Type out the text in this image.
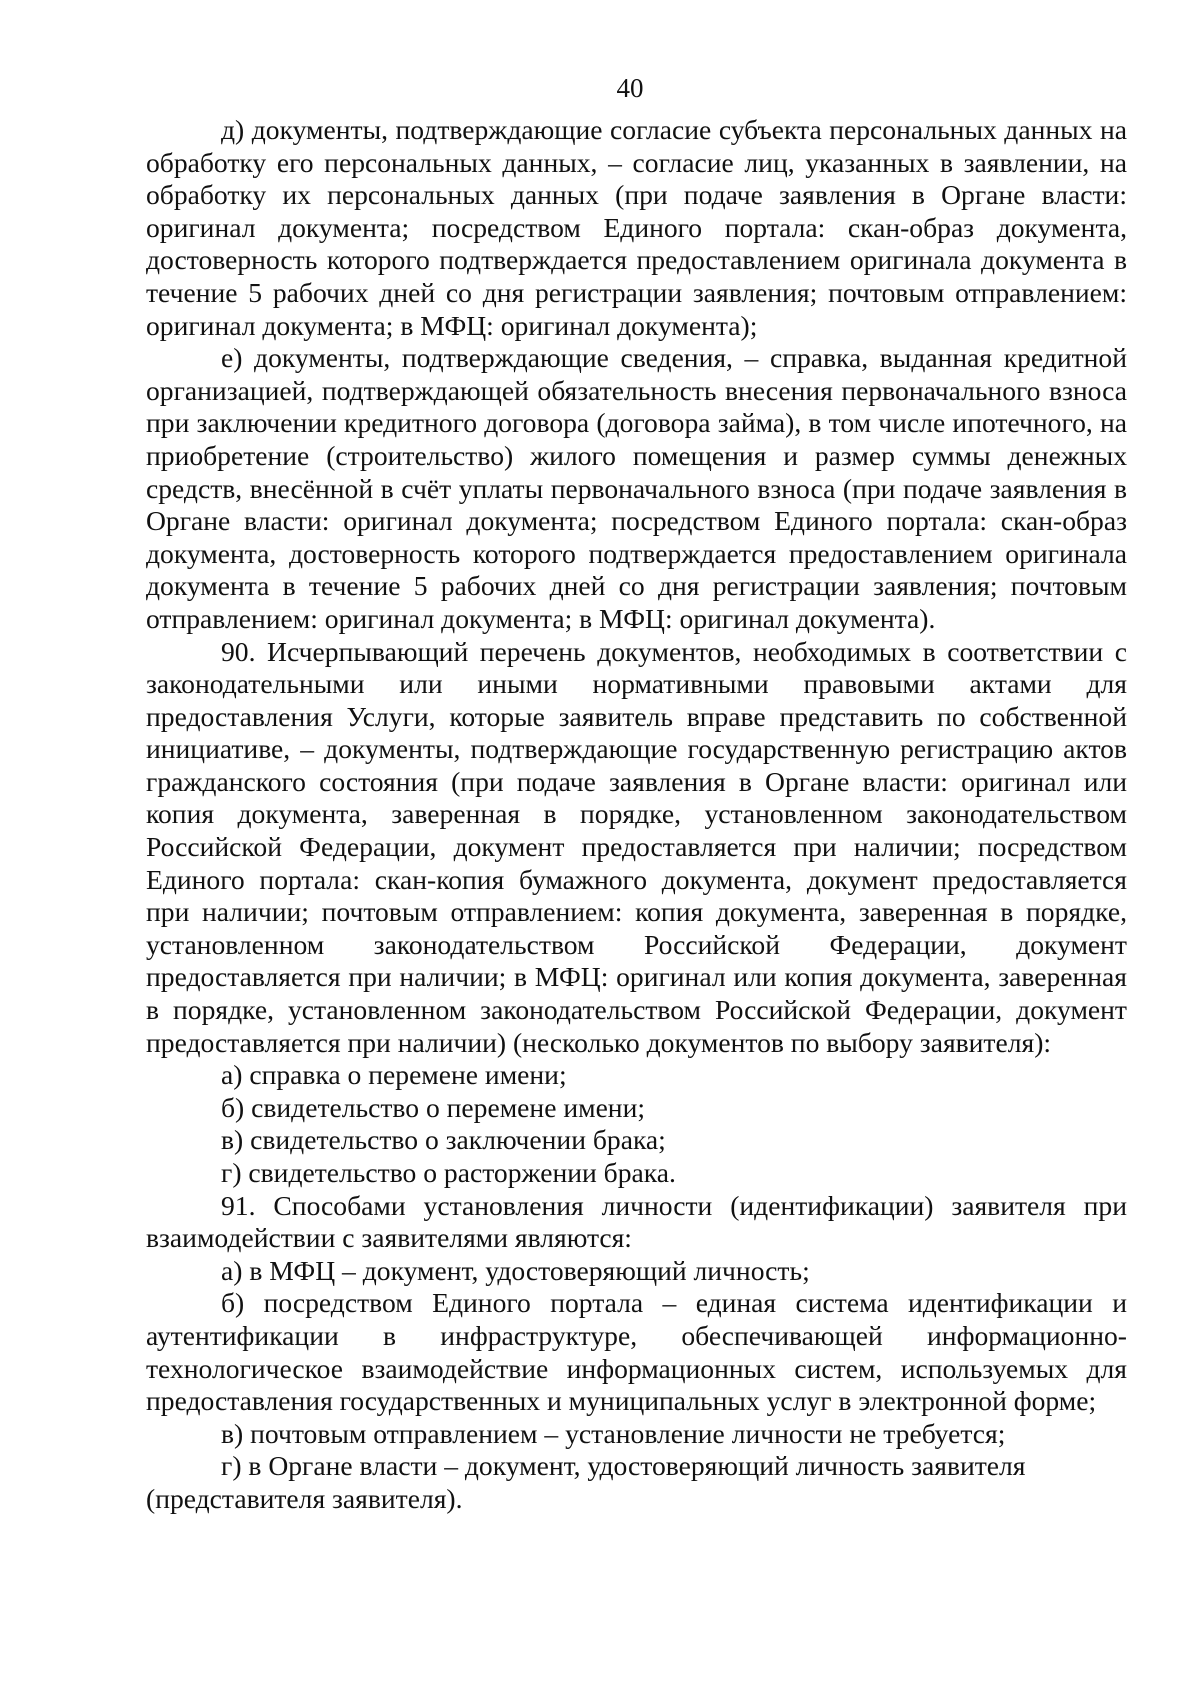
40

д) документы, подтверждающие согласие субъекта персональных данных на обработку его персональных данных, – согласие лиц, указанных в заявлении, на обработку их персональных данных (при подаче заявления в Органе власти: оригинал документа; посредством Единого портала: скан-образ документа, достоверность которого подтверждается предоставлением оригинала документа в течение 5 рабочих дней со дня регистрации заявления; почтовым отправлением: оригинал документа; в МФЦ: оригинал документа);

е) документы, подтверждающие сведения, – справка, выданная кредитной организацией, подтверждающей обязательность внесения первоначального взноса при заключении кредитного договора (договора займа), в том числе ипотечного, на приобретение (строительство) жилого помещения и размер суммы денежных средств, внесённой в счёт уплаты первоначального взноса (при подаче заявления в Органе власти: оригинал документа; посредством Единого портала: скан-образ документа, достоверность которого подтверждается предоставлением оригинала документа в течение 5 рабочих дней со дня регистрации заявления; почтовым отправлением: оригинал документа; в МФЦ: оригинал документа).

90. Исчерпывающий перечень документов, необходимых в соответствии с законодательными или иными нормативными правовыми актами для предоставления Услуги, которые заявитель вправе представить по собственной инициативе, – документы, подтверждающие государственную регистрацию актов гражданского состояния (при подаче заявления в Органе власти: оригинал или копия документа, заверенная в порядке, установленном законодательством Российской Федерации, документ предоставляется при наличии; посредством Единого портала: скан-копия бумажного документа, документ предоставляется при наличии; почтовым отправлением: копия документа, заверенная в порядке, установленном законодательством Российской Федерации, документ предоставляется при наличии; в МФЦ: оригинал или копия документа, заверенная в порядке, установленном законодательством Российской Федерации, документ предоставляется при наличии) (несколько документов по выбору заявителя):

а) справка о перемене имени;

б) свидетельство о перемене имени;

в) свидетельство о заключении брака;

г) свидетельство о расторжении брака.

91. Способами установления личности (идентификации) заявителя при взаимодействии с заявителями являются:

а) в МФЦ – документ, удостоверяющий личность;

б) посредством Единого портала – единая система идентификации и аутентификации в инфраструктуре, обеспечивающей информационно-технологическое взаимодействие информационных систем, используемых для предоставления государственных и муниципальных услуг в электронной форме;

в) почтовым отправлением – установление личности не требуется;

г) в Органе власти – документ, удостоверяющий личность заявителя (представителя заявителя).
